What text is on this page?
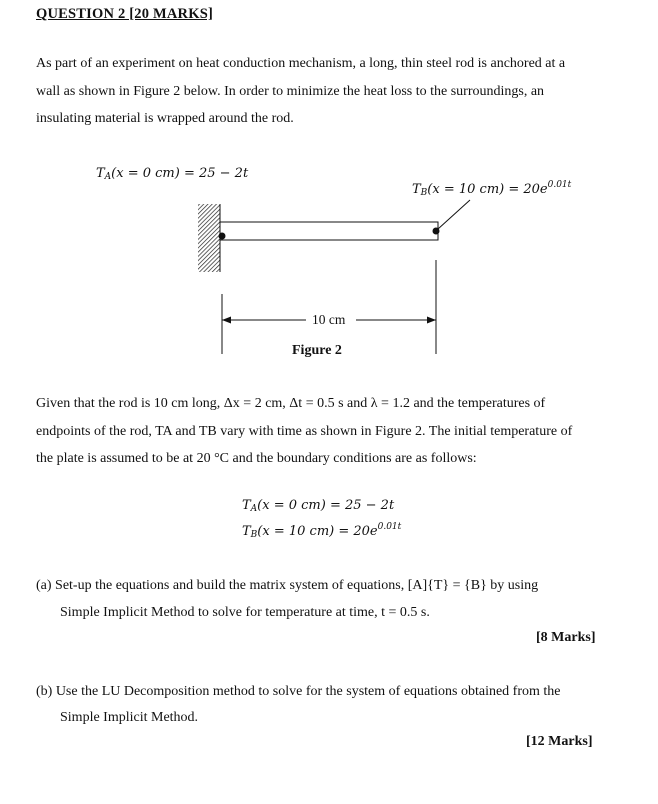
QUESTION 2 [20 MARKS]
As part of an experiment on heat conduction mechanism, a long, thin steel rod is anchored at a
wall as shown in Figure 2 below. In order to minimize the heat loss to the surroundings, an
insulating material is wrapped around the rod.
$T_A(x = 0$ cm) = 25 − 2t
$T_B(x = 10$ $cm) = 20e^{0.01t}$
10 cm
Figure 2
Given that the rod is 10 cm long, Δx = 2 cm, Δt = 0.5 s and λ = 1.2 and the temperatures of
endpoints of the rod, TA and TB vary with time as shown in Figure 2. The initial temperature of
the plate is assumed to be at 20 °C and the boundary conditions are as follows:
$T_A(x = 0$ cm) = 25 − 2t
$T_B(x = 10$ $cm) = 20e^{0.01t}$
(a) Set-up the equations and build the matrix system of equations, [A]{T} = {B} by using
Simple Implicit Method to solve for temperature at time, t = 0.5 s.
[8 Marks]
(b) Use the LU Decomposition method to solve for the system of equations obtained from the
Simple Implicit Method.
[12 Marks]
